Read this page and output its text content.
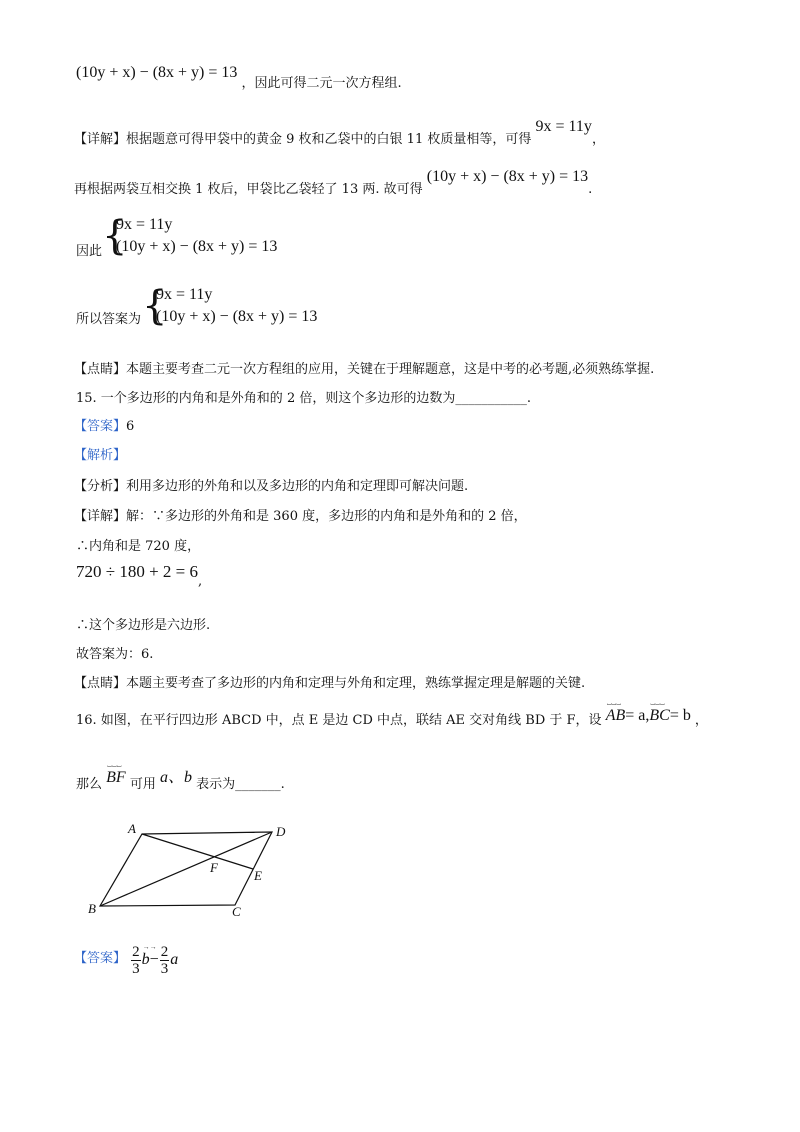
(10y + x) − (8x + y) = 13 ，因此可得二元一次方程组.
【详解】根据题意可得甲袋中的黄金 9 枚和乙袋中的白银 11 枚质量相等，可得 9x = 11y，
再根据两袋互相交换 1 枚后，甲袋比乙袋轻了 13 两. 故可得 (10y + x) − (8x + y) = 13.
因此 {
9x = 11y
(10y + x) − (8x + y) = 13
所以答案为 {
9x = 11y
(10y + x) − (8x + y) = 13
【点睛】本题主要考查二元一次方程组的应用，关键在于理解题意，这是中考的必考题,必须熟练掌握.
15. 一个多边形的内角和是外角和的 2 倍，则这个多边形的边数为___________.
【答案】6
【解析】
【分析】利用多边形的外角和以及多边形的内角和定理即可解决问题.
【详解】解：∵多边形的外角和是 360 度，多边形的内角和是外角和的 2 倍，
∴内角和是 720 度，
720 ÷ 180 + 2 = 6,
∴这个多边形是六边形.
故答案为：6.
【点睛】本题主要考查了多边形的内角和定理与外角和定理，熟练掌握定理是解题的关键.
16. 如图，在平行四边形 ABCD 中，点 E 是边 CD 中点，联结 AE 交对角线 BD 于 F，设
⌴⌴⌴
AB= a,
⌴⌴⌴
BC= b ，
那么
⌴⌴⌴
BF 可用 a、b 表示为_______.
A	D
F
E
B	C
【答案】 $\frac{2}{3}$ →→
$b- \frac{2}{3}$ a
